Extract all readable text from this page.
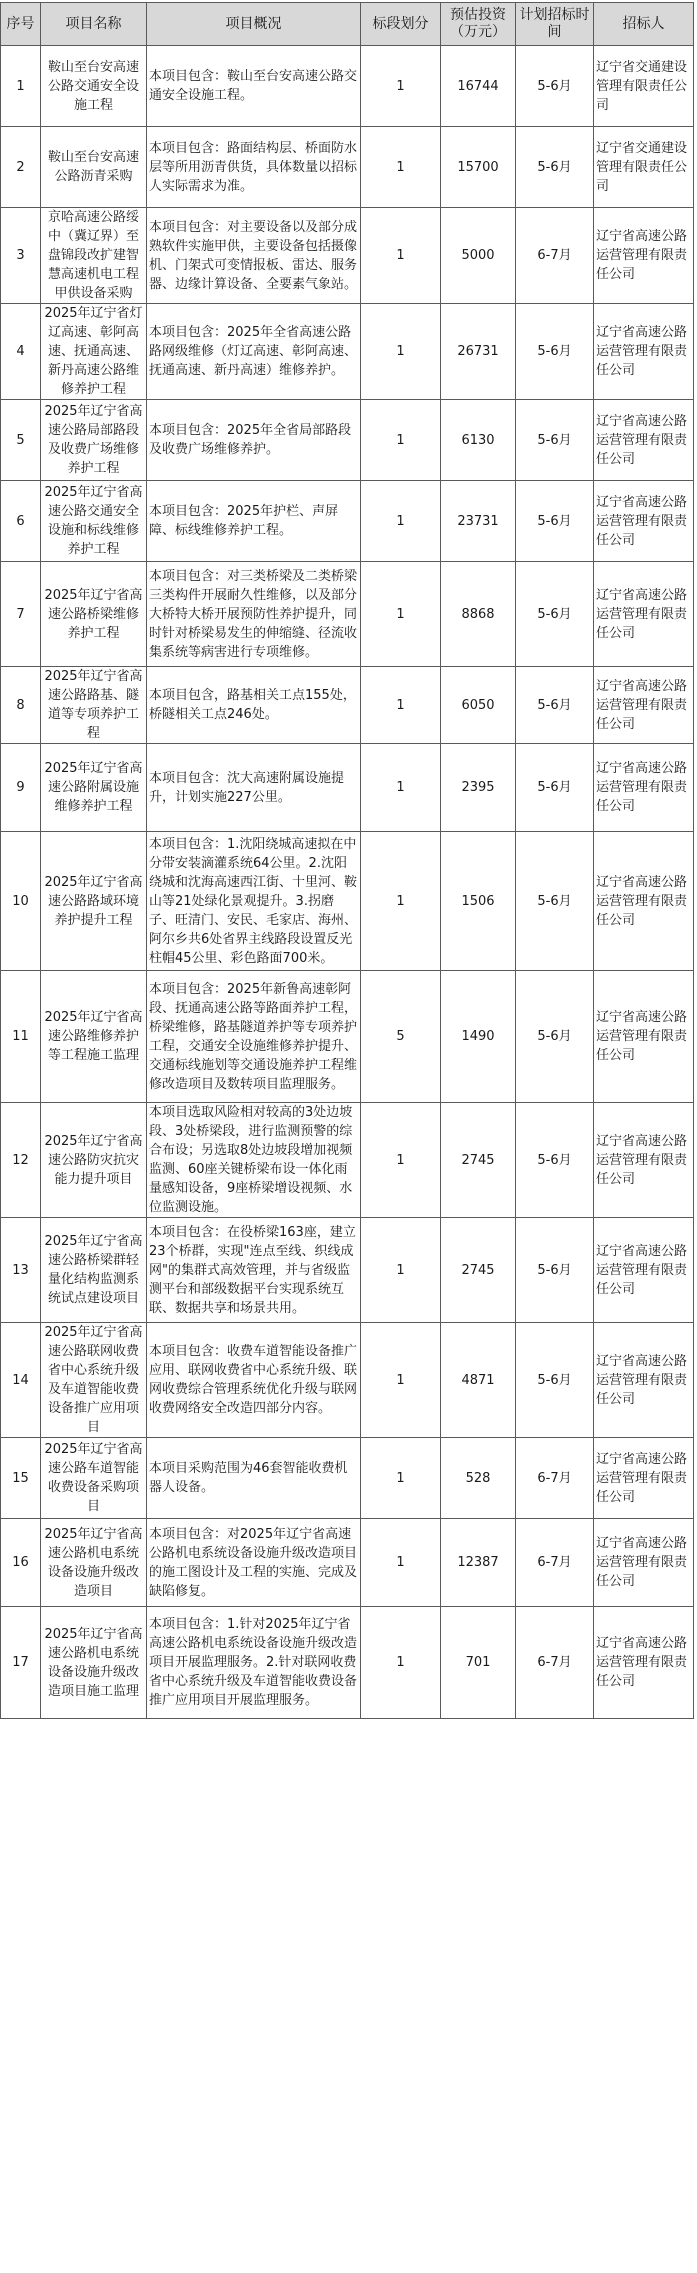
序号	项目名称	项目概况	标段划分	预估投资（万元）	计划招标时间	招标人
1	鞍山至台安高速公路交通安全设施工程	本项目包含：鞍山至台安高速公路交通安全设施工程。	1	16744	5-6月	辽宁省交通建设管理有限责任公司
2	鞍山至台安高速公路沥青采购	本项目包含：路面结构层、桥面防水层等所用沥青供货，具体数量以招标人实际需求为准。	1	15700	5-6月	辽宁省交通建设管理有限责任公司
3	京哈高速公路绥中（冀辽界）至盘锦段改扩建智慧高速机电工程甲供设备采购	本项目包含：对主要设备以及部分成熟软件实施甲供，主要设备包括摄像机、门架式可变情报板、雷达、服务器、边缘计算设备、全要素气象站。	1	5000	6-7月	辽宁省高速公路运营管理有限责任公司
4	2025年辽宁省灯辽高速、彰阿高速、抚通高速、新丹高速公路维修养护工程	本项目包含：2025年全省高速公路路网级维修（灯辽高速、彰阿高速、抚通高速、新丹高速）维修养护。	1	26731	5-6月	辽宁省高速公路运营管理有限责任公司
5	2025年辽宁省高速公路局部路段及收费广场维修养护工程	本项目包含：2025年全省局部路段及收费广场维修养护。	1	6130	5-6月	辽宁省高速公路运营管理有限责任公司
6	2025年辽宁省高速公路交通安全设施和标线维修养护工程	本项目包含：2025年护栏、声屏障、标线维修养护工程。	1	23731	5-6月	辽宁省高速公路运营管理有限责任公司
7	2025年辽宁省高速公路桥梁维修养护工程	本项目包含：对三类桥梁及二类桥梁三类构件开展耐久性维修，以及部分大桥特大桥开展预防性养护提升，同时针对桥梁易发生的伸缩缝、径流收集系统等病害进行专项维修。	1	8868	5-6月	辽宁省高速公路运营管理有限责任公司
8	2025年辽宁省高速公路路基、隧道等专项养护工程	本项目包含，路基相关工点155处，桥隧相关工点246处。	1	6050	5-6月	辽宁省高速公路运营管理有限责任公司
9	2025年辽宁省高速公路附属设施维修养护工程	本项目包含：沈大高速附属设施提升，计划实施227公里。	1	2395	5-6月	辽宁省高速公路运营管理有限责任公司
10	2025年辽宁省高速公路路域环境养护提升工程	本项目包含：1.沈阳绕城高速拟在中分带安装滴灌系统64公里。2.沈阳绕城和沈海高速西江街、十里河、鞍山等21处绿化景观提升。3.拐磨子、旺清门、安民、毛家店、海州、阿尔乡共6处省界主线路段设置反光柱帽45公里、彩色路面700米。	1	1506	5-6月	辽宁省高速公路运营管理有限责任公司
11	2025年辽宁省高速公路维修养护等工程施工监理	本项目包含：2025年新鲁高速彰阿段、抚通高速公路等路面养护工程，桥梁维修，路基隧道养护等专项养护工程，交通安全设施维修养护提升、交通标线施划等交通设施养护工程维修改造项目及数转项目监理服务。	5	1490	5-6月	辽宁省高速公路运营管理有限责任公司
12	2025年辽宁省高速公路防灾抗灾能力提升项目	本项目选取风险相对较高的3处边坡段、3处桥梁段，进行监测预警的综合布设；另选取8处边坡段增加视频监测、60座关键桥梁布设一体化雨量感知设备，9座桥梁增设视频、水位监测设施。	1	2745	5-6月	辽宁省高速公路运营管理有限责任公司
13	2025年辽宁省高速公路桥梁群轻量化结构监测系统试点建设项目	本项目包含：在役桥梁163座，建立23个桥群，实现"连点至线、织线成网"的集群式高效管理，并与省级监测平台和部级数据平台实现系统互联、数据共享和场景共用。	1	2745	5-6月	辽宁省高速公路运营管理有限责任公司
14	2025年辽宁省高速公路联网收费省中心系统升级及车道智能收费设备推广应用项目	本项目包含：收费车道智能设备推广应用、联网收费省中心系统升级、联网收费综合管理系统优化升级与联网收费网络安全改造四部分内容。	1	4871	5-6月	辽宁省高速公路运营管理有限责任公司
15	2025年辽宁省高速公路车道智能收费设备采购项目	本项目采购范围为46套智能收费机器人设备。	1	528	6-7月	辽宁省高速公路运营管理有限责任公司
16	2025年辽宁省高速公路机电系统设备设施升级改造项目	本项目包含：对2025年辽宁省高速公路机电系统设备设施升级改造项目的施工图设计及工程的实施、完成及缺陷修复。	1	12387	6-7月	辽宁省高速公路运营管理有限责任公司
17	2025年辽宁省高速公路机电系统设备设施升级改造项目施工监理	本项目包含：1.针对2025年辽宁省高速公路机电系统设备设施升级改造项目开展监理服务。2.针对联网收费省中心系统升级及车道智能收费设备推广应用项目开展监理服务。	1	701	6-7月	辽宁省高速公路运营管理有限责任公司
